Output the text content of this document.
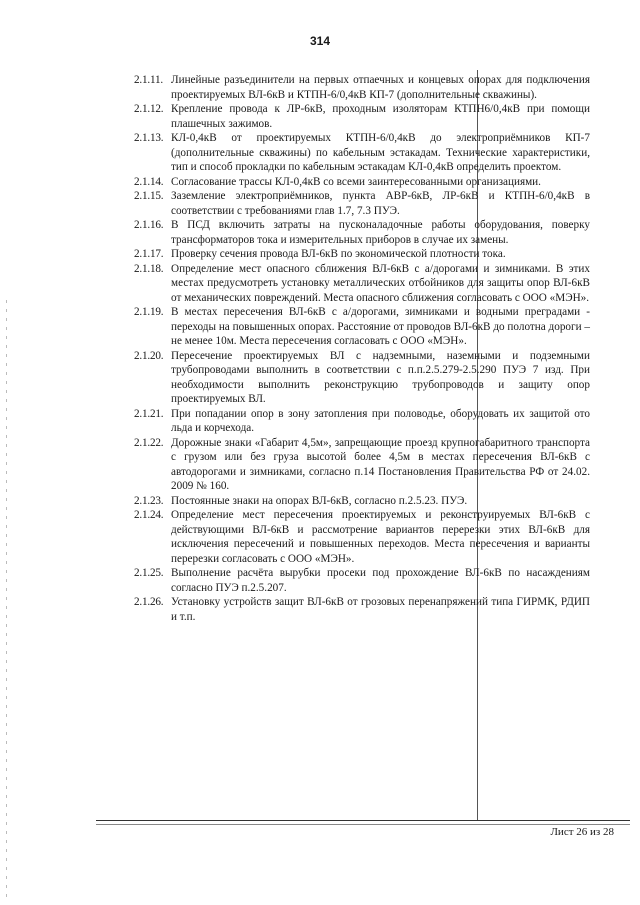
314
2.1.11. Линейные разъединители на первых отпаечных и концевых опорах для подключения проектируемых ВЛ-6кВ и КТПН-6/0,4кВ КП-7 (дополнительные скважины).
2.1.12. Крепление провода к ЛР-6кВ, проходным изоляторам КТПН6/0,4кВ при помощи плашечных зажимов.
2.1.13. КЛ-0,4кВ от проектируемых КТПН-6/0,4кВ до электроприёмников КП-7 (дополнительные скважины) по кабельным эстакадам. Технические характеристики, тип и способ прокладки по кабельным эстакадам КЛ-0,4кВ определить проектом.
2.1.14. Согласование трассы КЛ-0,4кВ со всеми заинтересованными организациями.
2.1.15. Заземление электроприёмников, пункта АВР-6кВ, ЛР-6кВ и КТПН-6/0,4кВ в соответствии с требованиями глав 1.7, 7.3 ПУЭ.
2.1.16. В ПСД включить затраты на пусконаладочные работы оборудования, поверку трансформаторов тока и измерительных приборов в случае их замены.
2.1.17. Проверку сечения провода ВЛ-6кВ по экономической плотности тока.
2.1.18. Определение мест опасного сближения ВЛ-6кВ с а/дорогами и зимниками. В этих местах предусмотреть установку металлических отбойников для защиты опор ВЛ-6кВ от механических повреждений. Места опасного сближения согласовать с ООО «МЭН».
2.1.19. В местах пересечения ВЛ-6кВ с а/дорогами, зимниками и водными преградами - переходы на повышенных опорах. Расстояние от проводов ВЛ-6кВ до полотна дороги – не менее 10м. Места пересечения согласовать с ООО «МЭН».
2.1.20. Пересечение проектируемых ВЛ с надземными, наземными и подземными трубопроводами выполнить в соответствии с п.п.2.5.279-2.5.290 ПУЭ 7 изд. При необходимости выполнить реконструкцию трубопроводов и защиту опор проектируемых ВЛ.
2.1.21. При попадании опор в зону затопления при половодье, оборудовать их защитой ото льда и корчехода.
2.1.22. Дорожные знаки «Габарит 4,5м», запрещающие проезд крупногабаритного транспорта с грузом или без груза высотой более 4,5м в местах пересечения ВЛ-6кВ с автодорогами и зимниками, согласно п.14 Постановления Правительства РФ от 24.02. 2009 № 160.
2.1.23. Постоянные знаки на опорах ВЛ-6кВ, согласно п.2.5.23. ПУЭ.
2.1.24. Определение мест пересечения проектируемых и реконструируемых ВЛ-6кВ с действующими ВЛ-6кВ и рассмотрение вариантов перерезки этих ВЛ-6кВ для исключения пересечений и повышенных переходов. Места пересечения и варианты перерезки согласовать с ООО «МЭН».
2.1.25. Выполнение расчёта вырубки просеки под прохождение ВЛ-6кВ по насаждениям согласно ПУЭ п.2.5.207.
2.1.26. Установку устройств защит ВЛ-6кВ от грозовых перенапряжений типа ГИРМК, РДИП и т.п.
Лист 26 из 28
